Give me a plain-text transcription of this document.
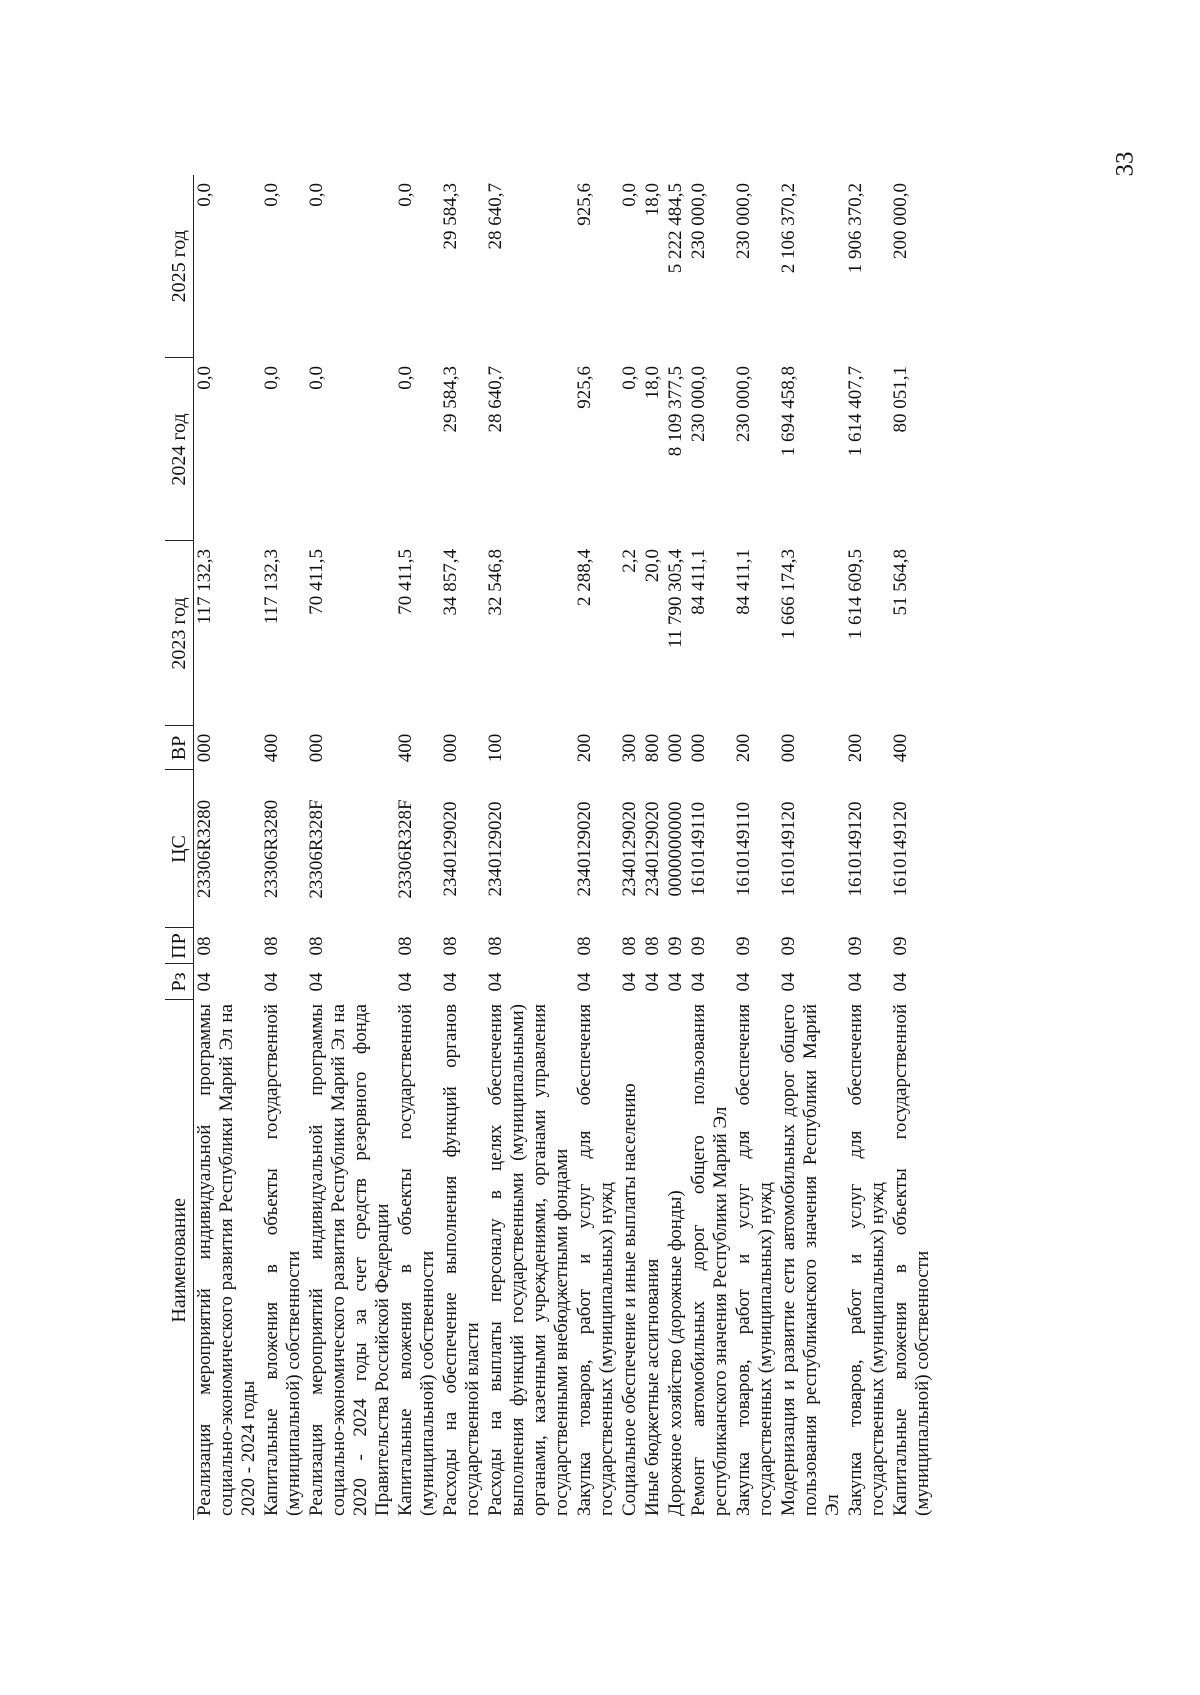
33
Наименование	Рз	ПР	ЦС	ВР	2023 год	2024 год	2025 год
Реализация мероприятий индивидуальной программы социально-экономического развития Республики Марий Эл на 2020 - 2024 годы	04	08	23306R3280	000	117 132,3	0,0	0,0
Капитальные вложения в объекты государственной (муниципальной) собственности	04	08	23306R3280	400	117 132,3	0,0	0,0
Реализация мероприятий индивидуальной программы социально-экономического развития Республики Марий Эл на 2020 - 2024 годы за счет средств резервного фонда Правительства Российской Федерации	04	08	23306R328F	000	70 411,5	0,0	0,0
Капитальные вложения в объекты государственной (муниципальной) собственности	04	08	23306R328F	400	70 411,5	0,0	0,0
Расходы на обеспечение выполнения функций органов государственной власти	04	08	2340129020	000	34 857,4	29 584,3	29 584,3
Расходы на выплаты персоналу в целях обеспечения выполнения функций государственными (муниципальными) органами, казенными учреждениями, органами управления государственными внебюджетными фондами	04	08	2340129020	100	32 546,8	28 640,7	28 640,7
Закупка товаров, работ и услуг для обеспечения государственных (муниципальных) нужд	04	08	2340129020	200	2 288,4	925,6	925,6
Социальное обеспечение и иные выплаты населению	04	08	2340129020	300	2,2	0,0	0,0
Иные бюджетные ассигнования	04	08	2340129020	800	20,0	18,0	18,0
Дорожное хозяйство (дорожные фонды)	04	09	0000000000	000	11 790 305,4	8 109 377,5	5 222 484,5
Ремонт автомобильных дорог общего пользования республиканского значения Республики Марий Эл	04	09	1610149110	000	84 411,1	230 000,0	230 000,0
Закупка товаров, работ и услуг для обеспечения государственных (муниципальных) нужд	04	09	1610149110	200	84 411,1	230 000,0	230 000,0
Модернизация и развитие сети автомобильных дорог общего пользования республиканского значения Республики Марий Эл	04	09	1610149120	000	1 666 174,3	1 694 458,8	2 106 370,2
Закупка товаров, работ и услуг для обеспечения государственных (муниципальных) нужд	04	09	1610149120	200	1 614 609,5	1 614 407,7	1 906 370,2
Капитальные вложения в объекты государственной (муниципальной) собственности	04	09	1610149120	400	51 564,8	80 051,1	200 000,0
